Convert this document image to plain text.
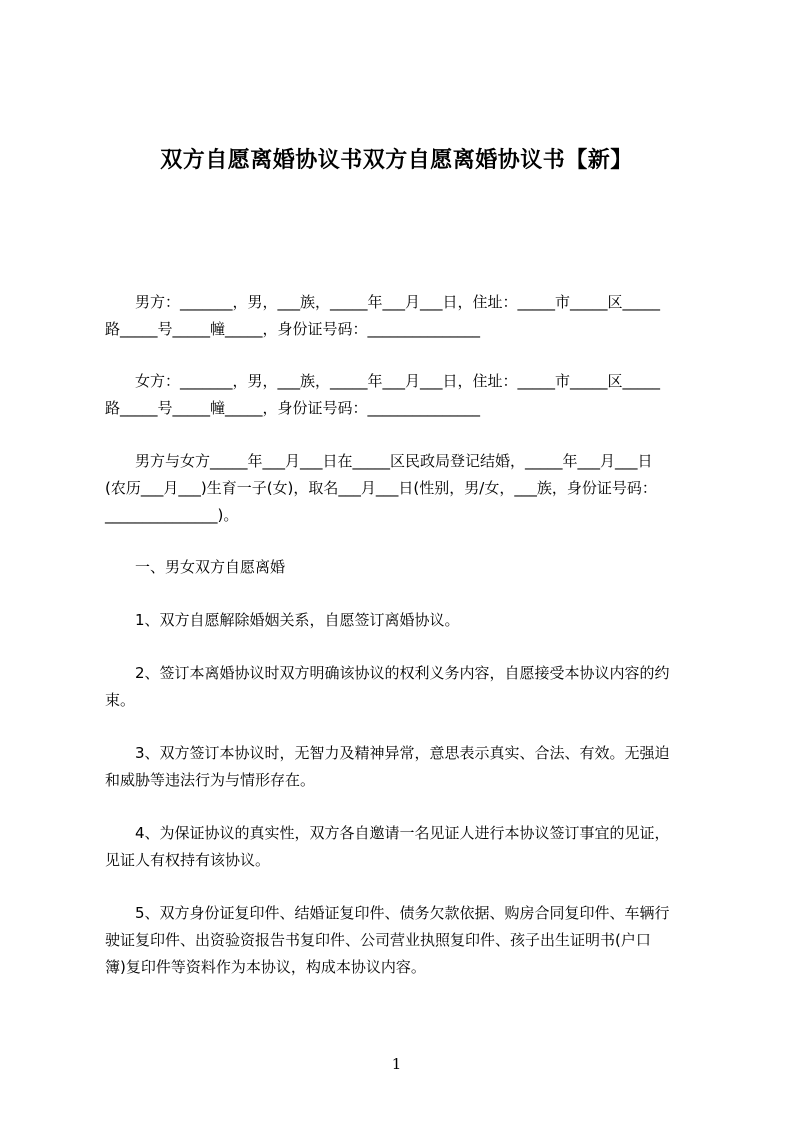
双方自愿离婚协议书双方自愿离婚协议书【新】

　　男方：_______，男，___族，_____年___月___日，住址：_____市_____区_____
路_____号_____幢_____，身份证号码：_______________

　　女方：_______，男，___族，_____年___月___日，住址：_____市_____区_____
路_____号_____幢_____，身份证号码：_______________

　　男方与女方_____年___月___日在_____区民政局登记结婚，_____年___月___日
(农历___月___)生育一子(女)，取名___月___日(性别，男/女，___族，身份证号码：
_______________)。

　　一、男女双方自愿离婚

　　1、双方自愿解除婚姻关系，自愿签订离婚协议。

　　2、签订本离婚协议时双方明确该协议的权利义务内容，自愿接受本协议内容的约
束。

　　3、双方签订本协议时，无智力及精神异常，意思表示真实、合法、有效。无强迫
和威胁等违法行为与情形存在。

　　4、为保证协议的真实性，双方各自邀请一名见证人进行本协议签订事宜的见证，
见证人有权持有该协议。

　　5、双方身份证复印件、结婚证复印件、债务欠款依据、购房合同复印件、车辆行
驶证复印件、出资验资报告书复印件、公司营业执照复印件、孩子出生证明书(户口
簿)复印件等资料作为本协议，构成本协议内容。

1
